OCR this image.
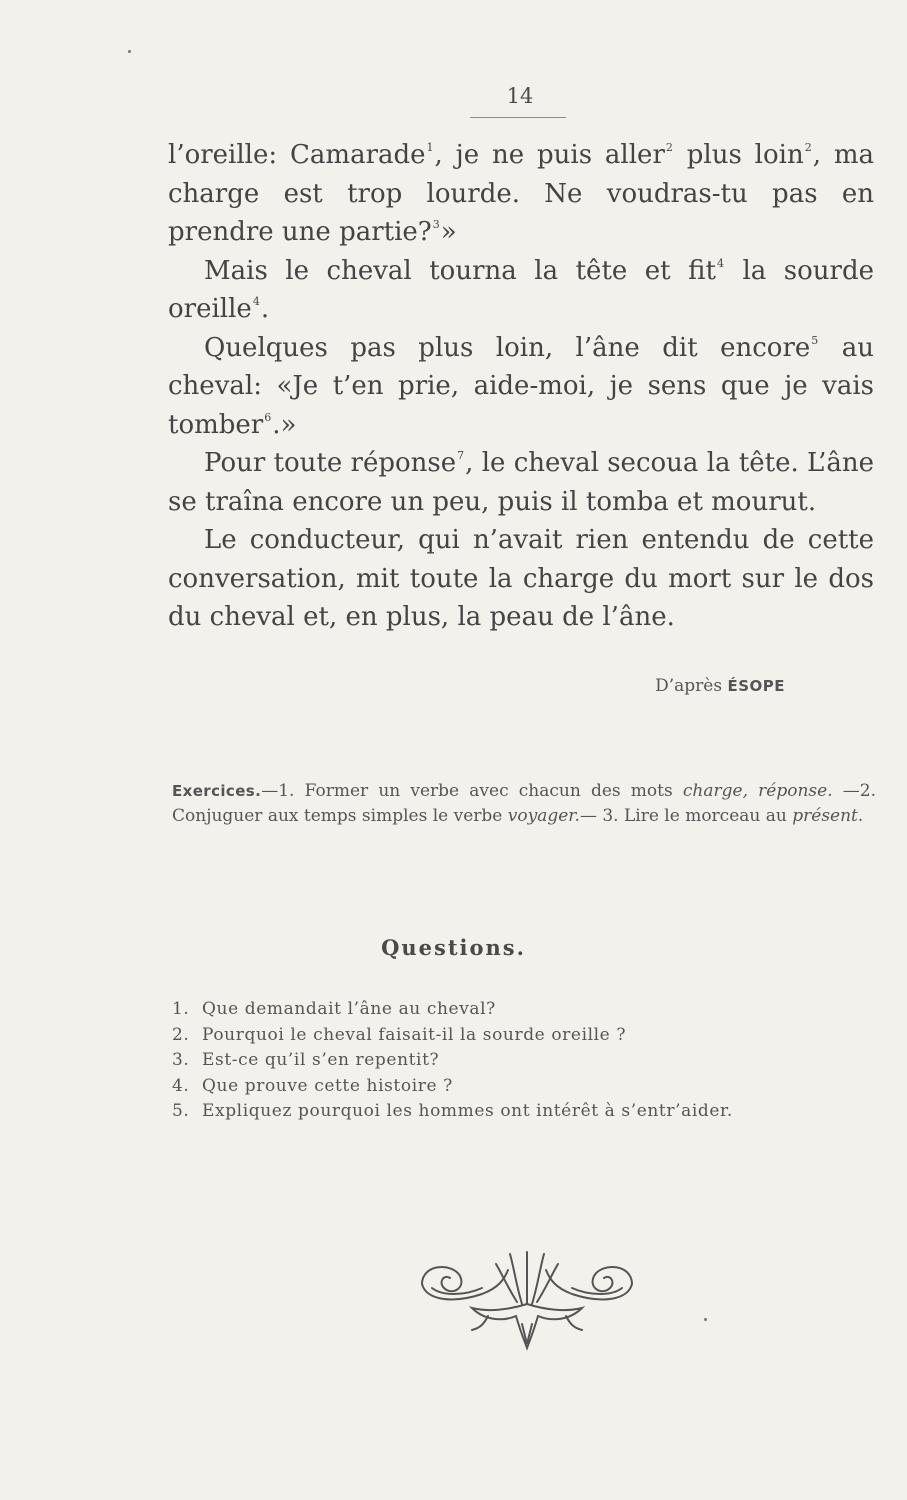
14

l’oreille: Camarade$^1$, je ne puis aller$^2$ plus loin$^2$, ma charge est trop lourde. Ne voudras-tu pas en prendre une partie?$^3$»

Mais le cheval tourna la tête et fit$^4$ la sourde oreille$^4$.

Quelques pas plus loin, l’âne dit encore$^5$ au cheval: «Je t’en prie, aide-moi, je sens que je vais tomber$^6$.»

Pour toute réponse$^7$, le cheval secoua la tête. L’âne se traîna encore un peu, puis il tomba et mourut.

Le conducteur, qui n’avait rien entendu de cette conversation, mit toute la charge du mort sur le dos du cheval et, en plus, la peau de l’âne.

D’après ÉSOPE
Exercices.—1. Former un verbe avec chacun des mots charge, réponse. —2. Conjuguer aux temps simples le verbe voyager.— 3. Lire le morceau au présent.
Questions.
1. Que demandait l’âne au cheval?
2. Pourquoi le cheval faisait-il la sourde oreille ?
3. Est-ce qu’il s’en repentit?
4. Que prouve cette histoire ?
5. Expliquez pourquoi les hommes ont intérêt à s’entr’aider.
